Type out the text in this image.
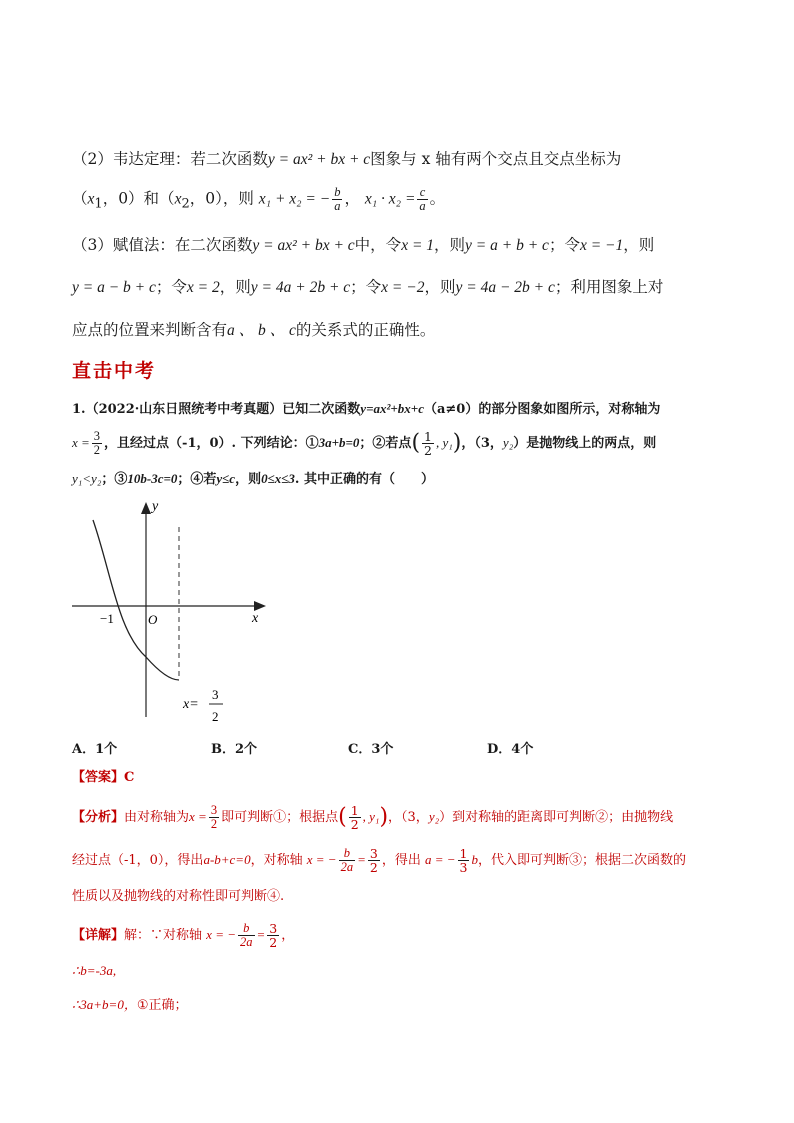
（2）韦达定理：若二次函数y = ax² + bx + c图象与 x 轴有两个交点且交点坐标为
（$x_1$，0）和（$x_2$，0），则 x₁ + x₂ = − $\frac{b}{a}$ ， $x_1 \cdot x_2 = \frac{c}{a}$ 。
（3）赋值法：在二次函数y = ax² + bx + c中，令x = 1，则y = a + b + c；令x = −1，则
y = a − b + c；令x = 2，则y = 4a + 2b + c；令x = −2，则y = 4a − 2b + c；利用图象上对
应点的位置来判断含有a 、 b 、 c的关系式的正确性。
直击中考
1.（2022·山东日照统考中考真题）已知二次函数y=ax²+bx+c（a≠0）的部分图象如图所示，对称轴为
$x = \frac{3}{2}$ ，且经过点（-1，0）. 下列结论：①3a+b=0；②若点( $\frac{1}{2}$ , y₁)，（3，y₂）是抛物线上的两点，则
y₁<y₂；③10b-3c=0；④若y≤c，则0≤x≤3. 其中正确的有（　　）
y
x
O
−1
x=
3
2
A．1个	B．2个	C．3个	D．4个
【答案】C
【分析】由对称轴为$x = \frac{3}{2}$ 即可判断①；根据点( $\frac{1}{2}$ , y₁)，（3，y₂）到对称轴的距离即可判断②；由抛物线
经过点（-1，0），得出a-b+c=0，对称轴 x = − $\frac{b}{2a} = \frac{3}{2}$ ，得出 a = − $\frac{1}{3}$ b，代入即可判断③；根据二次函数的
性质以及抛物线的对称性即可判断④.
【详解】解：∵对称轴 x = − $\frac{b}{2a} = \frac{3}{2}$ ，
∴b=-3a,
∴3a+b=0，①正确；
